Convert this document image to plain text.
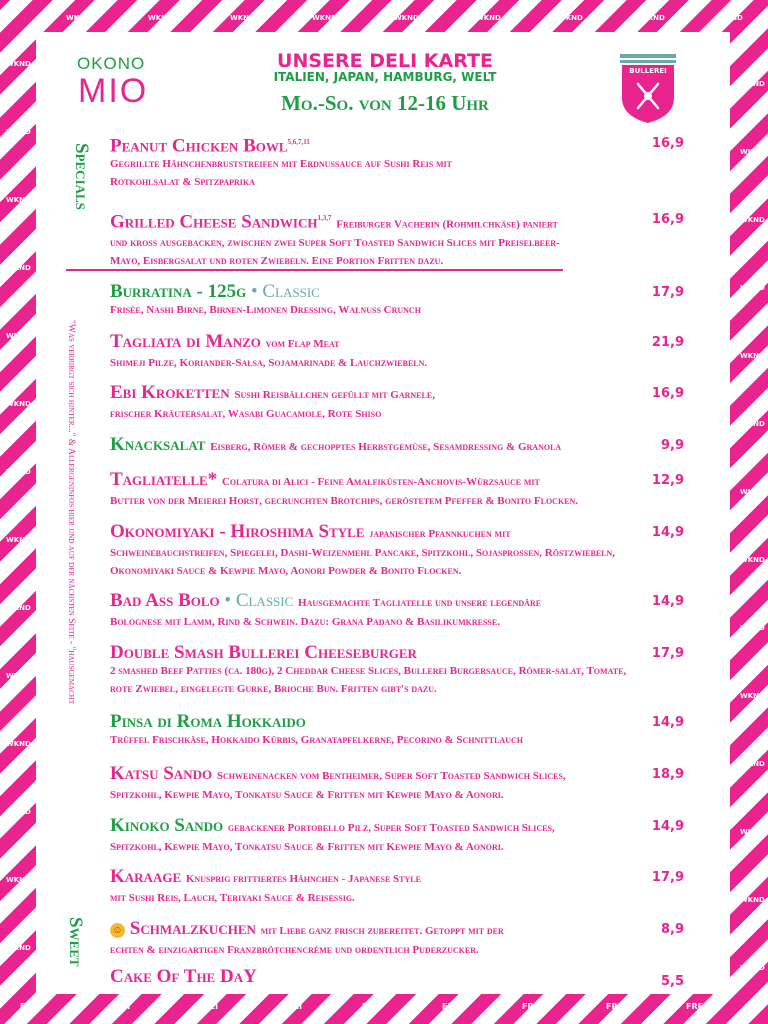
WKND	WKND	WKND	WKND	WKND	WKND	WKND	WKND	WKND
WKND
WKND
WKND
WKND
WKND
WKND
WKND
WKND
WKND
WKND
WKND
WKND
WKND
WKND
WKND
WKND
WKND
WKND
WKND
WKND
WKND
WKND
WKND
WKND
WKND
WKND
WKND
WKND
FREI	FREI	FREI	FREI	FREI	FREI	FREI	FREI	FREI
OKONO
MIO
UNSERE DELI KARTE
ITALIEN, JAPAN, HAMBURG, WELT
Mo.-So. von 12-16 Uhr
BULLEREI
Specials
Sweet
"Was verbirgt sich hinter..." & Allergeninfos hier und auf der nächsten Seite - "hausgemacht
Peanut Chicken Bowl$^{5,6,7,11}$
Gegrillte Hähnchenbruststreifen mit Erdnussauce auf Sushi Reis mit Rotkohlsalat & Spitzpaprika
16,9
Grilled Cheese Sandwich$^{1,3,7}$ Freiburger Vacherin (Rohmilchkäse) paniert
und kross ausgebacken, zwischen zwei Super Soft Toasted Sandwich Slices mit Preiselbeer-Mayo, Eisbergsalat und roten Zwiebeln. Eine Portion Fritten dazu.
16,9
Burratina - 125g • Classic
Frisée, Nashi Birne, Birnen-Limonen Dressing, Walnuss Crunch
17,9
Tagliata di Manzo vom Flap Meat
Shimeji Pilze, Koriander-Salsa, Sojamarinade & Lauchzwiebeln.
21,9
Ebi Kroketten Sushi Reisbällchen gefüllt mit Garnele,
frischer Kräutersalat, Wasabi Guacamole, Rote Shiso
16,9
Knacksalat Eisberg, Römer & gechopptes Herbstgemüse, Sesamdressing & Granola	9,9
Tagliatelle* Colatura di Alici - Feine Amalfiküsten-Anchovis-Würzsauce mit
Butter von der Meierei Horst, gecrunchten Brotchips, geröstetem Pfeffer & Bonito Flocken.
12,9
Okonomiyaki - Hiroshima Style japanischer Pfannkuchen mit
Schweinebauchstreifen, Spiegelei, Dashi-Weizenmehl Pancake, Spitzkohl, Sojasprossen, Röstzwiebeln, Okonomiyaki Sauce & Kewpie Mayo, Aonori Powder & Bonito Flocken.
14,9
Bad Ass Bolo • Classic Hausgemachte Tagliatelle und unsere legendäre
Bolognese mit Lamm, Rind & Schwein. Dazu: Grana Padano & Basilikumkresse.
14,9
Double Smash Bullerei Cheeseburger
2 smashed Beef Patties (ca. 180g), 2 Cheddar Cheese Slices, Bullerei Burgersauce, Römer-salat, Tomate, rote Zwiebel, eingelegte Gurke, Brioche Bun. Fritten gibt's dazu.
17,9
Pinsa di Roma Hokkaido
Trüffel Frischkäse, Hokkaido Kürbis, Granatapfelkerne, Pecorino & Schnittlauch
14,9
Katsu Sando Schweinenacken vom Bentheimer, Super Soft Toasted Sandwich Slices,
Spitzkohl, Kewpie Mayo, Tonkatsu Sauce & Fritten mit Kewpie Mayo & Aonori.
18,9
Kinoko Sando gebackener Portobello Pilz, Super Soft Toasted Sandwich Slices,
Spitzkohl, Kewpie Mayo, Tonkatsu Sauce & Fritten mit Kewpie Mayo & Aonori.
14,9
Karaage Knusprig frittiertes Hähnchen - Japanese Style
mit Sushi Reis, Lauch, Teriyaki Sauce & Reisessig.
17,9
☺ Schmalzkuchen mit Liebe ganz frisch zubereitet. Getoppt mit der
echten & einzigartigen Franzbrötchencrème und ordentlich Puderzucker.
8,9
Cake Of The DaY	5,5
